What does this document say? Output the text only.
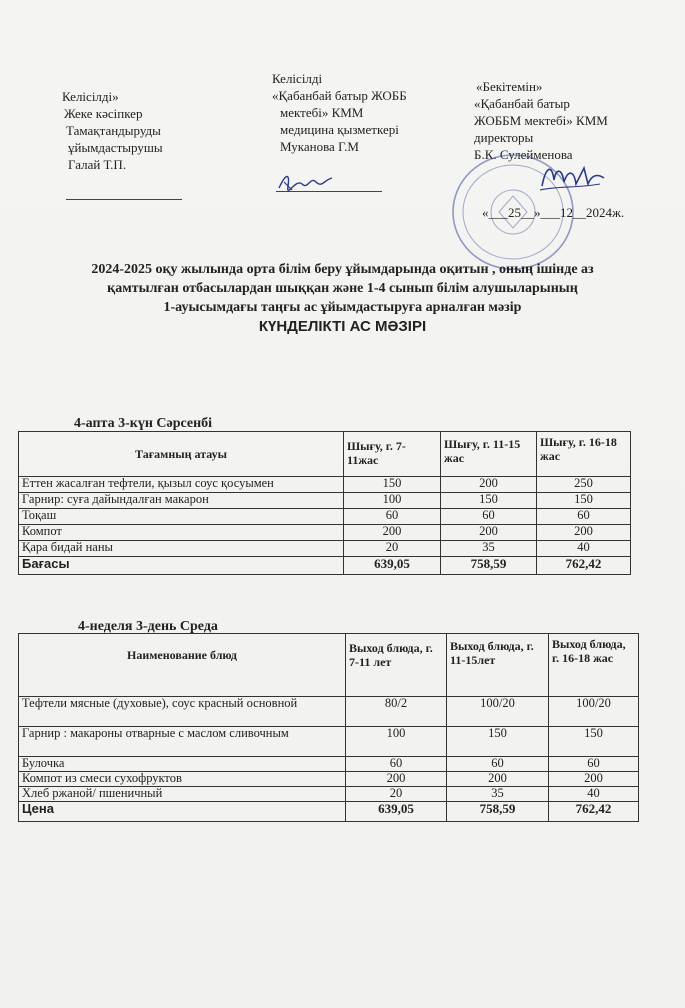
Келісілді»
Жеке кәсіпкер
Тамақтандыруды
ұйымдастырушы
Галай Т.П.
Келісілді
«Қабанбай батыр ЖОББ
мектебі» КММ
медицина қызметкері
Муканова Г.М
«Бекітемін»
«Қабанбай батыр
ЖОББМ мектебі» КММ
директоры
Б.К. Сулейменова
«___25__»___12__2024ж.
2024-2025 оқу жылында орта білім беру ұйымдарында оқитын , оның ішінде аз
қамтылған отбасылардан шыққан және 1-4 сынып білім алушыларының
1-ауысымдағы таңғы ас ұйымдастыруға арналған мәзір
КҮНДЕЛІКТІ АС МӘЗІРІ
4-апта 3-күн Сәрсенбі
Тағамның атауы	Шығу, г. 7-11жас	Шығу, г. 11-15 жас	Шығу, г. 16-18 жас
Еттен жасалған тефтели, қызыл соус қосуымен	150	200	250
Гарнир: суға дайындалған макарон	100	150	150
Тоқаш	60	60	60
Компот	200	200	200
Қара бидай наны	20	35	40
Бағасы	639,05	758,59	762,42
4-неделя 3-день Среда
Наименование блюд	Выход блюда, г. 7-11 лет	Выход блюда, г. 11-15лет	Выход блюда, г. 16-18 жас
Тефтели мясные (духовые), соус красный основной	80/2	100/20	100/20
Гарнир : макароны отварные с маслом сливочным	100	150	150
Булочка	60	60	60
Компот из смеси сухофруктов	200	200	200
Хлеб ржаной/ пшеничный	20	35	40
Цена	639,05	758,59	762,42
